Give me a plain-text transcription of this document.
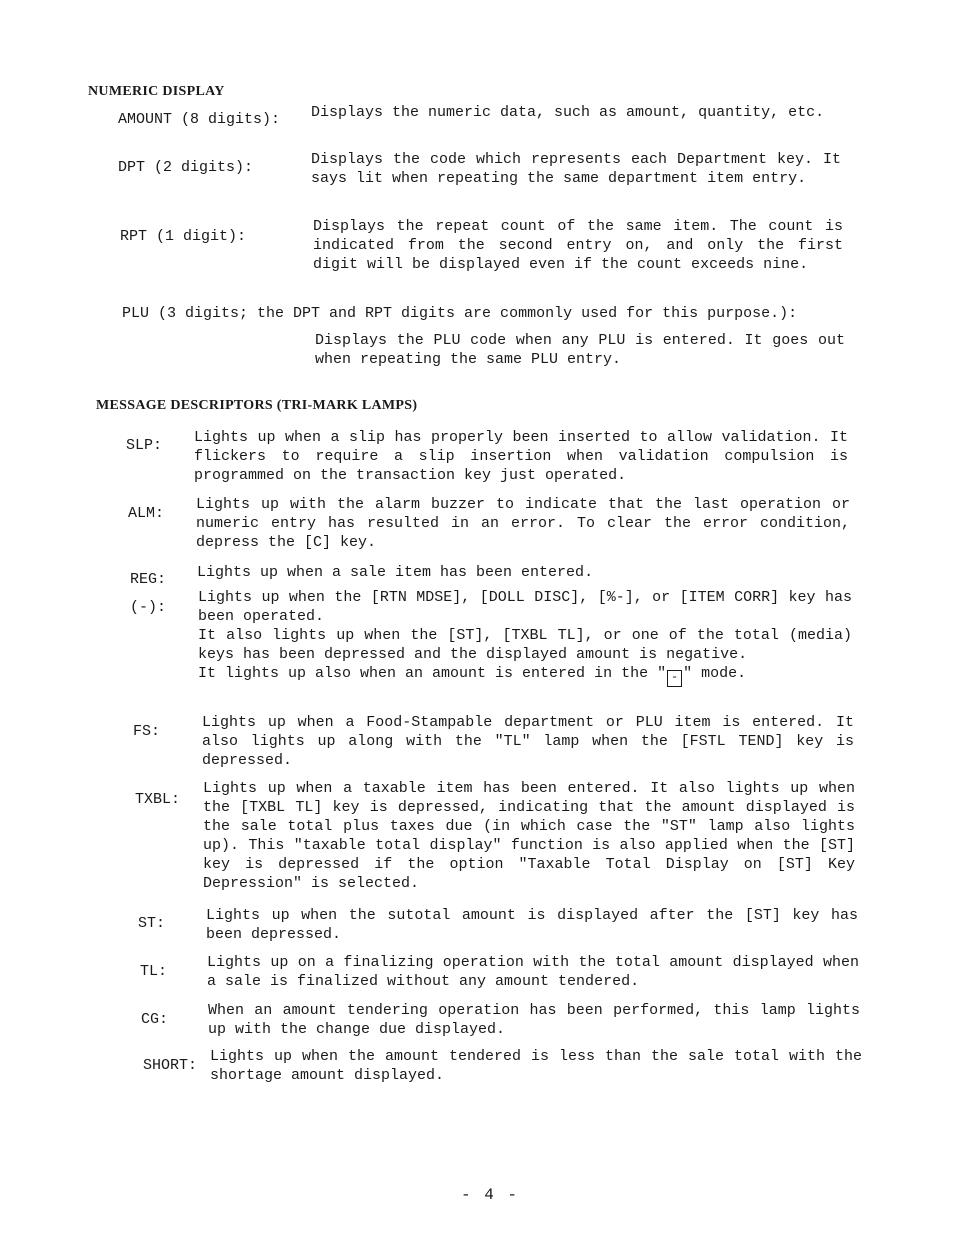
NUMERIC DISPLAY
AMOUNT (8 digits): Displays the numeric data, such as amount, quantity, etc.
DPT (2 digits):	Displays the code which represents each Department key. It says lit when repeating the same department item entry.
RPT (1 digit):
Displays the repeat count of the same item. The count is indicated from the second entry on, and only the first digit will be displayed even if the count exceeds nine.
PLU (3 digits; the DPT and RPT digits are commonly used for this purpose.):
Displays the PLU code when any PLU is entered. It goes out when repeating the same PLU entry.
MESSAGE DESCRIPTORS (TRI-MARK LAMPS)
SLP: Lights up when a slip has properly been inserted to allow validation. It flickers to require a slip insertion when validation compulsion is programmed on the transaction key just operated.
ALM:
Lights up with the alarm buzzer to indicate that the last operation or numeric entry has resulted in an error. To clear the error condition, depress the [C] key.
REG: Lights up when a sale item has been entered.
(-):

Lights up when the [RTN MDSE], [DOLL DISC], [%-], or [ITEM CORR] key has been operated.

It also lights up when the [ST], [TXBL TL], or one of the total (media) keys has been depressed and the displayed amount is negative.

It lights up also when an amount is entered in the " - " mode.

FS:
Lights up when a Food-Stampable department or PLU item is entered. It also lights up along with the "TL" lamp when the [FSTL TEND] key is depressed.
TXBL:
Lights up when a taxable item has been entered. It also lights up when the [TXBL TL] key is depressed, indicating that the amount displayed is the sale total plus taxes due (in which case the "ST" lamp also lights up). This "taxable total display" function is also applied when the [ST] key is depressed if the option "Taxable Total Display on [ST] Key Depression" is selected.
ST:	Lights up when the sutotal amount is displayed after the [ST] key has been depressed.
TL:
Lights up on a finalizing operation with the total amount displayed when a sale is finalized without any amount tendered.
CG:
When an amount tendering operation has been performed, this lamp lights up with the change due displayed.
SHORT:
Lights up when the amount tendered is less than the sale total with the shortage amount displayed.
- 4 -
